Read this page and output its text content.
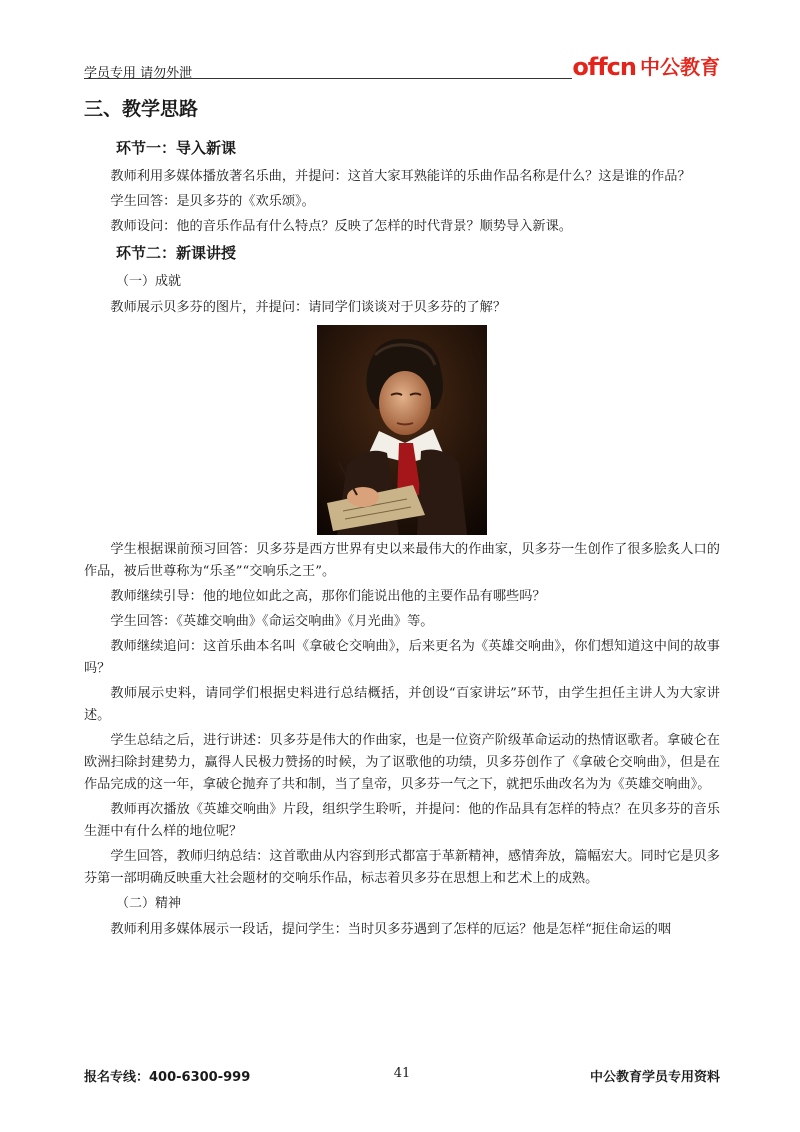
学员专用 请勿外泄	offcn 中公教育
三、教学思路
环节一：导入新课

教师利用多媒体播放著名乐曲，并提问：这首大家耳熟能详的乐曲作品名称是什么？这是谁的作品？

学生回答：是贝多芬的《欢乐颂》。

教师设问：他的音乐作品有什么特点？反映了怎样的时代背景？顺势导入新课。

环节二：新课讲授
（一）成就

教师展示贝多芬的图片，并提问：请同学们谈谈对于贝多芬的了解？

学生根据课前预习回答：贝多芬是西方世界有史以来最伟大的作曲家，贝多芬一生创作了很多脍炙人口的作品，被后世尊称为“乐圣”“交响乐之王”。

教师继续引导：他的地位如此之高，那你们能说出他的主要作品有哪些吗？

学生回答：《英雄交响曲》《命运交响曲》《月光曲》等。

教师继续追问：这首乐曲本名叫《拿破仑交响曲》，后来更名为《英雄交响曲》，你们想知道这中间的故事吗？

教师展示史料，请同学们根据史料进行总结概括，并创设“百家讲坛”环节，由学生担任主讲人为大家讲述。

学生总结之后，进行讲述：贝多芬是伟大的作曲家，也是一位资产阶级革命运动的热情讴歌者。拿破仑在欧洲扫除封建势力，赢得人民极力赞扬的时候，为了讴歌他的功绩，贝多芬创作了《拿破仑交响曲》，但是在作品完成的这一年，拿破仑抛弃了共和制，当了皇帝，贝多芬一气之下，就把乐曲改名为为《英雄交响曲》。

教师再次播放《英雄交响曲》片段，组织学生聆听，并提问：他的作品具有怎样的特点？在贝多芬的音乐生涯中有什么样的地位呢？

学生回答，教师归纳总结：这首歌曲从内容到形式都富于革新精神，感情奔放，篇幅宏大。同时它是贝多芬第一部明确反映重大社会题材的交响乐作品，标志着贝多芬在思想上和艺术上的成熟。

（二）精神

教师利用多媒体展示一段话，提问学生：当时贝多芬遇到了怎样的厄运？他是怎样“扼住命运的咽

报名专线：400-6300-999	41	中公教育学员专用资料
